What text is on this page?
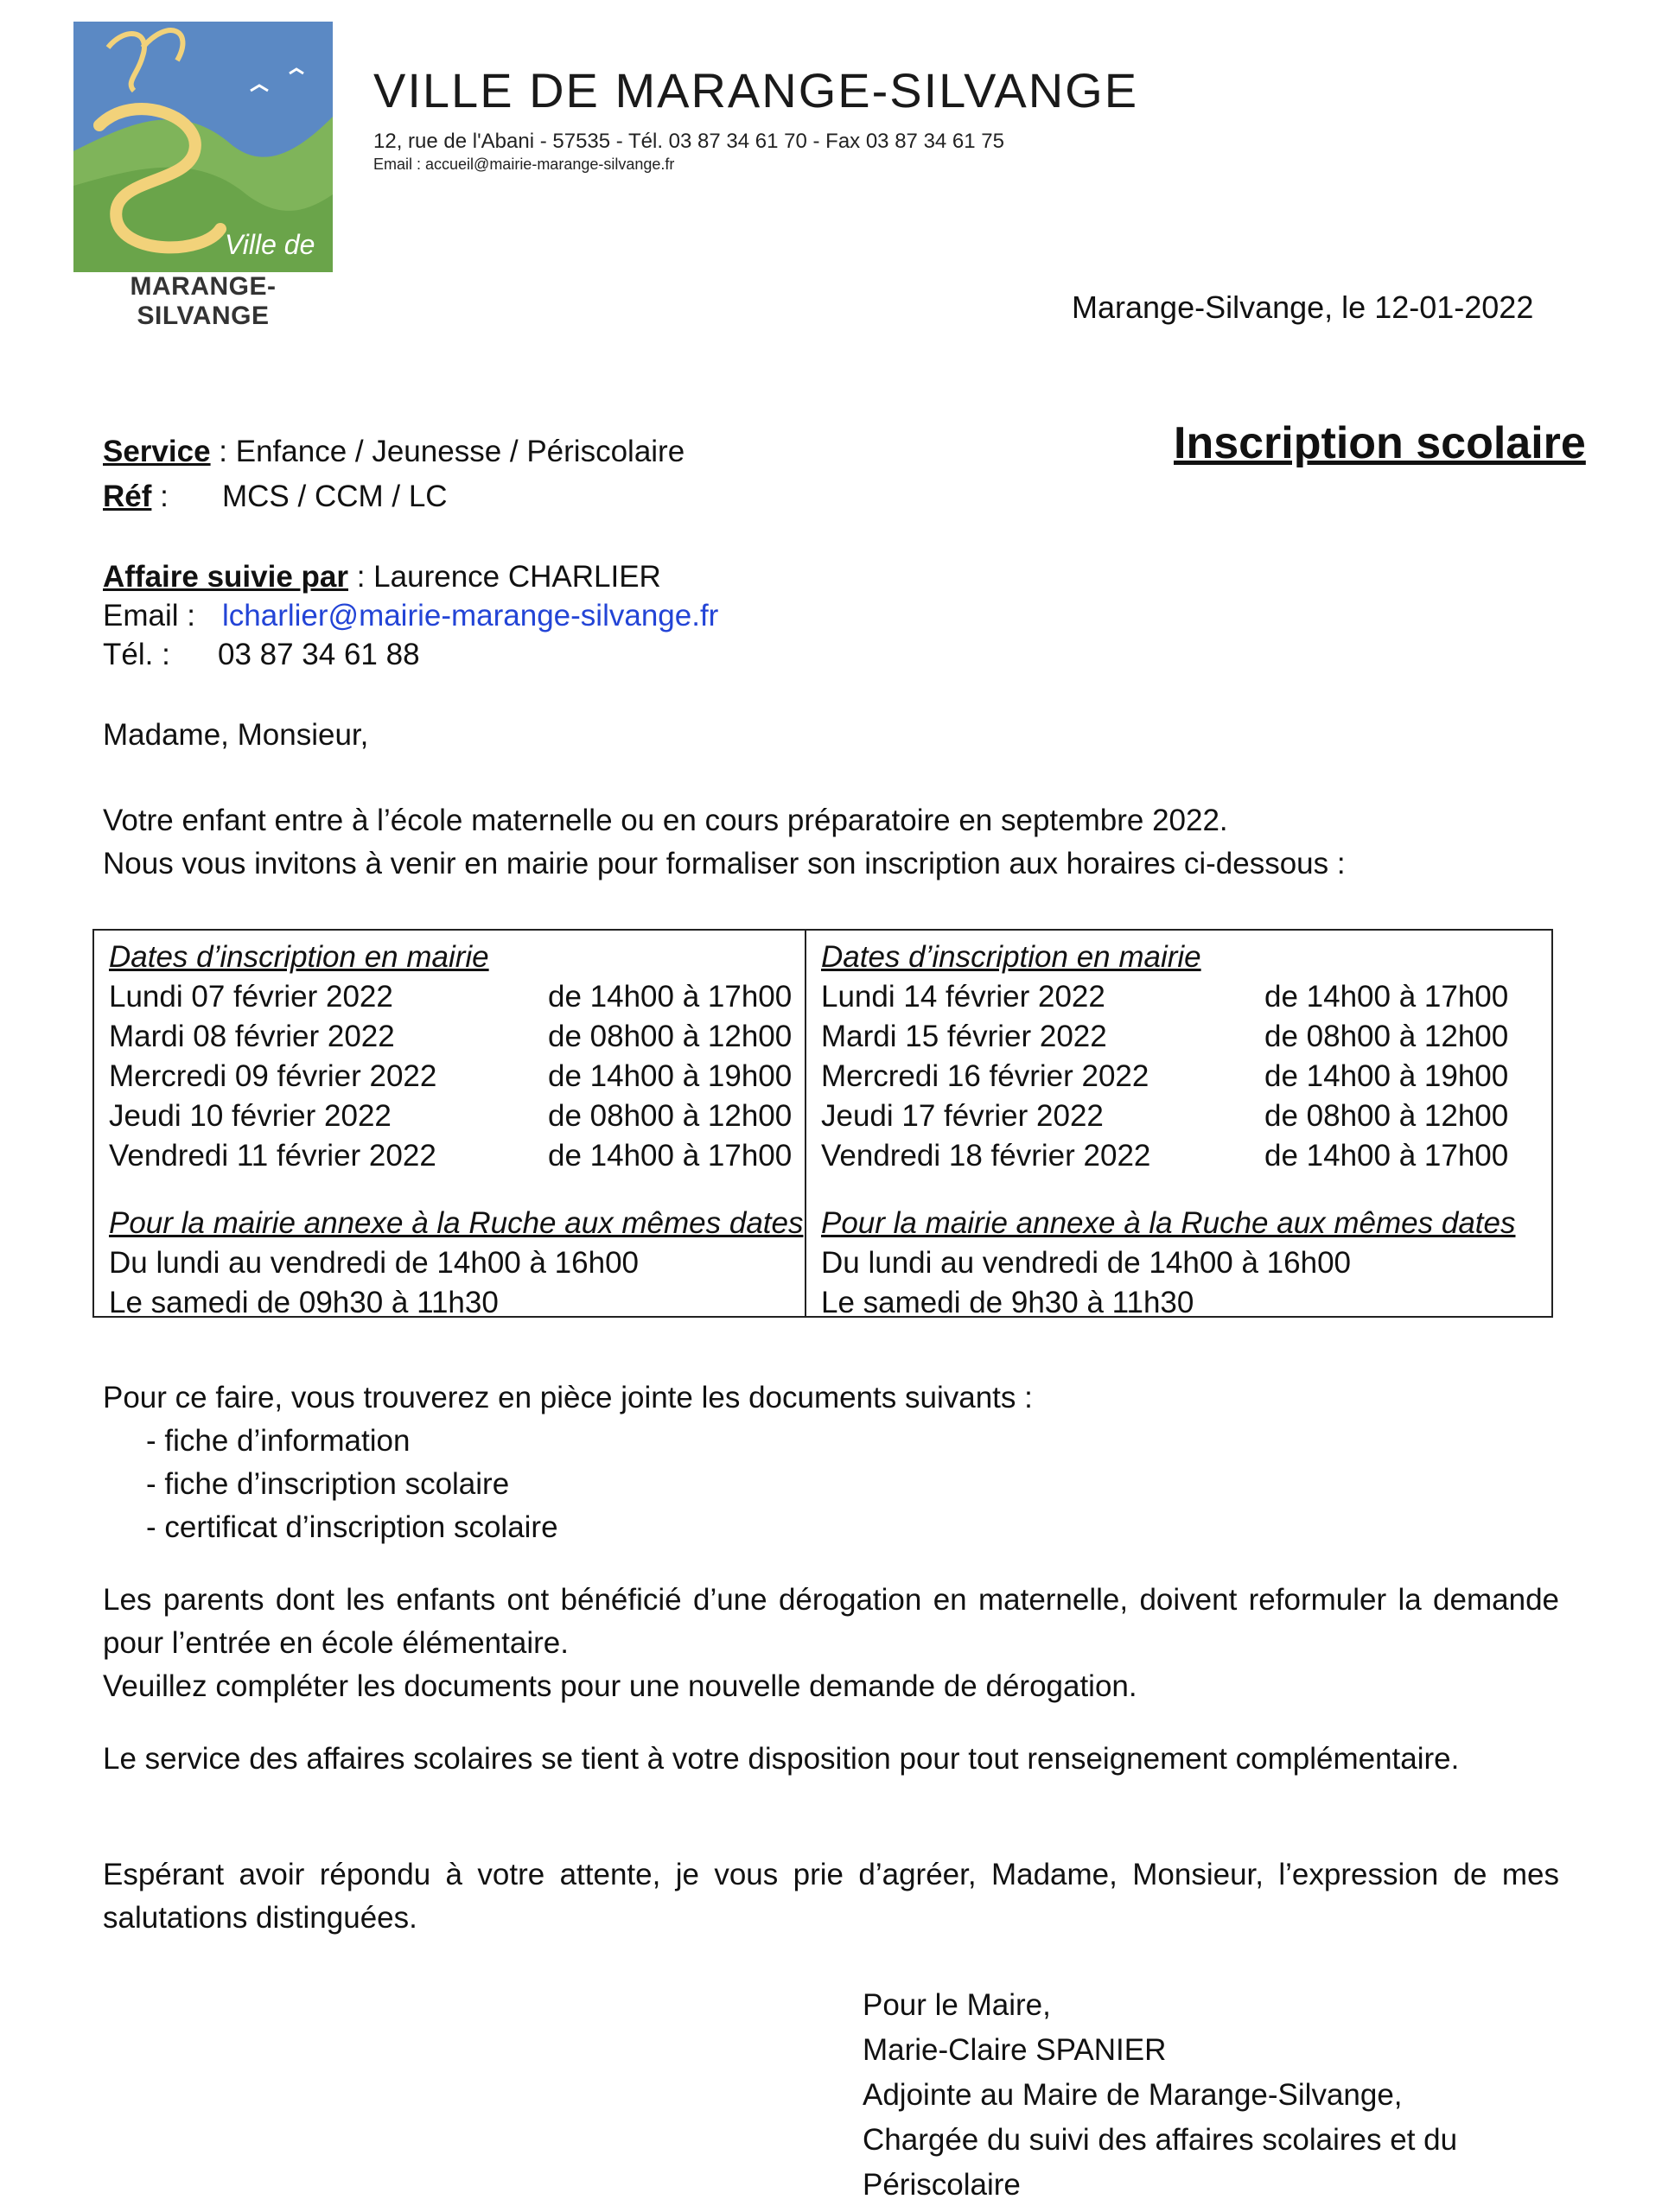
Ville de
MARANGE-SILVANGE
VILLE DE MARANGE-SILVANGE
12, rue de l'Abani - 57535 - Tél. 03 87 34 61 70 - Fax 03 87 34 61 75
Email : accueil@mairie-marange-silvange.fr
Marange-Silvange, le 12-01-2022
Service : Enfance / Jeunesse / Périscolaire
Réf : MCS / CCM / LC
Inscription scolaire
Affaire suivie par : Laurence CHARLIER
Email : lcharlier@mairie-marange-silvange.fr
Tél. : 03 87 34 61 88
Madame, Monsieur,
Votre enfant entre à l’école maternelle ou en cours préparatoire en septembre 2022.
Nous vous invitons à venir en mairie pour formaliser son inscription aux horaires ci-dessous :
Dates d’inscription en mairie
Lundi 07 février 2022	de 14h00 à 17h00
Mardi 08 février 2022	de 08h00 à 12h00
Mercredi 09 février 2022	de 14h00 à 19h00
Jeudi 10 février 2022	de 08h00 à 12h00
Vendredi 11 février 2022	de 14h00 à 17h00
Pour la mairie annexe à la Ruche aux mêmes dates
Du lundi au vendredi de 14h00 à 16h00
Le samedi de 09h30 à 11h30
Dates d’inscription en mairie
Lundi 14 février 2022	de 14h00 à 17h00
Mardi 15 février 2022	de 08h00 à 12h00
Mercredi 16 février 2022	de 14h00 à 19h00
Jeudi 17 février 2022	de 08h00 à 12h00
Vendredi 18 février 2022	de 14h00 à 17h00
Pour la mairie annexe à la Ruche aux mêmes dates
Du lundi au vendredi de 14h00 à 16h00
Le samedi de 9h30 à 11h30
Pour ce faire, vous trouverez en pièce jointe les documents suivants :
- fiche d’information
- fiche d’inscription scolaire
- certificat d’inscription scolaire
Les parents dont les enfants ont bénéficié d’une dérogation en maternelle, doivent reformuler la demande pour l’entrée en école élémentaire.
Veuillez compléter les documents pour une nouvelle demande de dérogation.
Le service des affaires scolaires se tient à votre disposition pour tout renseignement complémentaire.
Espérant avoir répondu à votre attente, je vous prie d’agréer, Madame, Monsieur, l’expression de mes salutations distinguées.
Pour le Maire,
Marie-Claire SPANIER
Adjointe au Maire de Marange-Silvange,
Chargée du suivi des affaires scolaires et du
Périscolaire
